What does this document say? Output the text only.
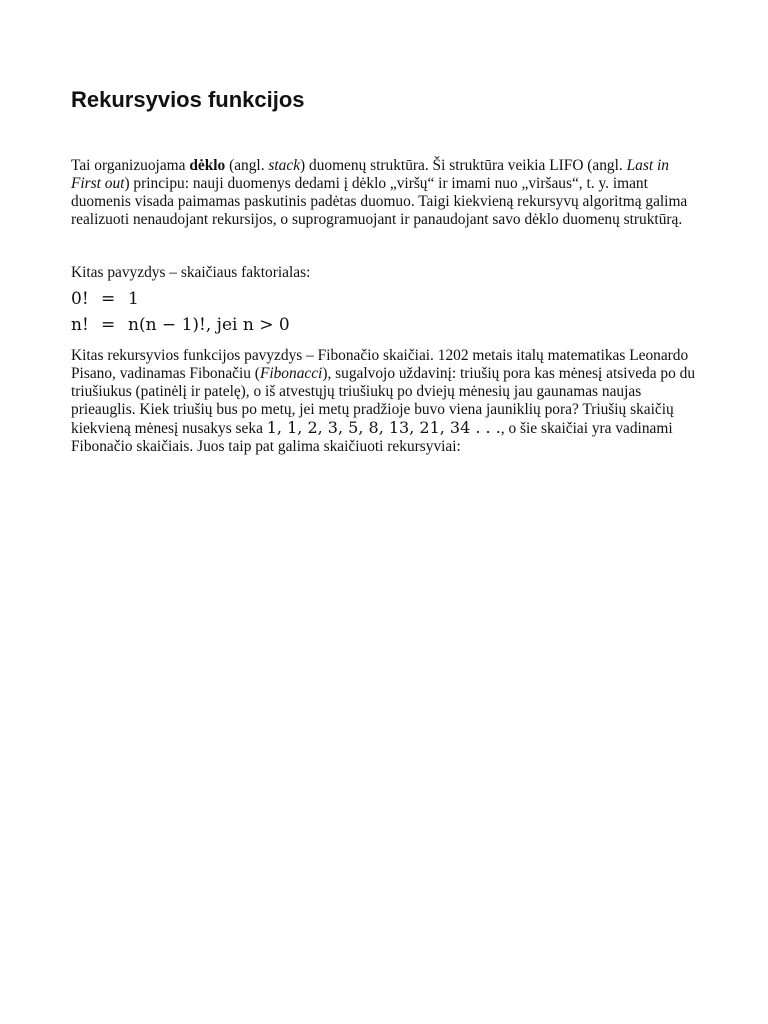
Rekursyvios funkcijos

Tai organizuojama dėklo (angl. stack) duomenų struktūra. Ši struktūra veikia LIFO (angl. Last in First out) principu: nauji duomenys dedami į dėklo „viršų“ ir imami nuo „viršaus“, t. y. imant duomenis visada paimamas paskutinis padėtas duomuo. Taigi kiekvieną rekursyvų algoritmą galima realizuoti nenaudojant rekursijos, o suprogramuojant ir panaudojant savo dėklo duomenų struktūrą.

Kitas pavyzdys – skaičiaus faktorialas:

0! = 1
n! = n(n − 1)!, jei n > 0

Kitas rekursyvios funkcijos pavyzdys – Fibonačio skaičiai. 1202 metais italų matematikas Leonardo Pisano, vadinamas Fibonačiu (Fibonacci), sugalvojo uždavinį: triušių pora kas mėnesį atsiveda po du triušiukus (patinėlį ir patelę), o iš atvestųjų triušiukų po dviejų mėnesių jau gaunamas naujas prieauglis. Kiek triušių bus po metų, jei metų pradžioje buvo viena jauniklių pora? Triušių skaičių kiekvieną mėnesį nusakys seka 1, 1, 2, 3, 5, 8, 13, 21, 34 . . ., o šie skaičiai yra vadinami Fibonačio skaičiais. Juos taip pat galima skaičiuoti rekursyviai:
